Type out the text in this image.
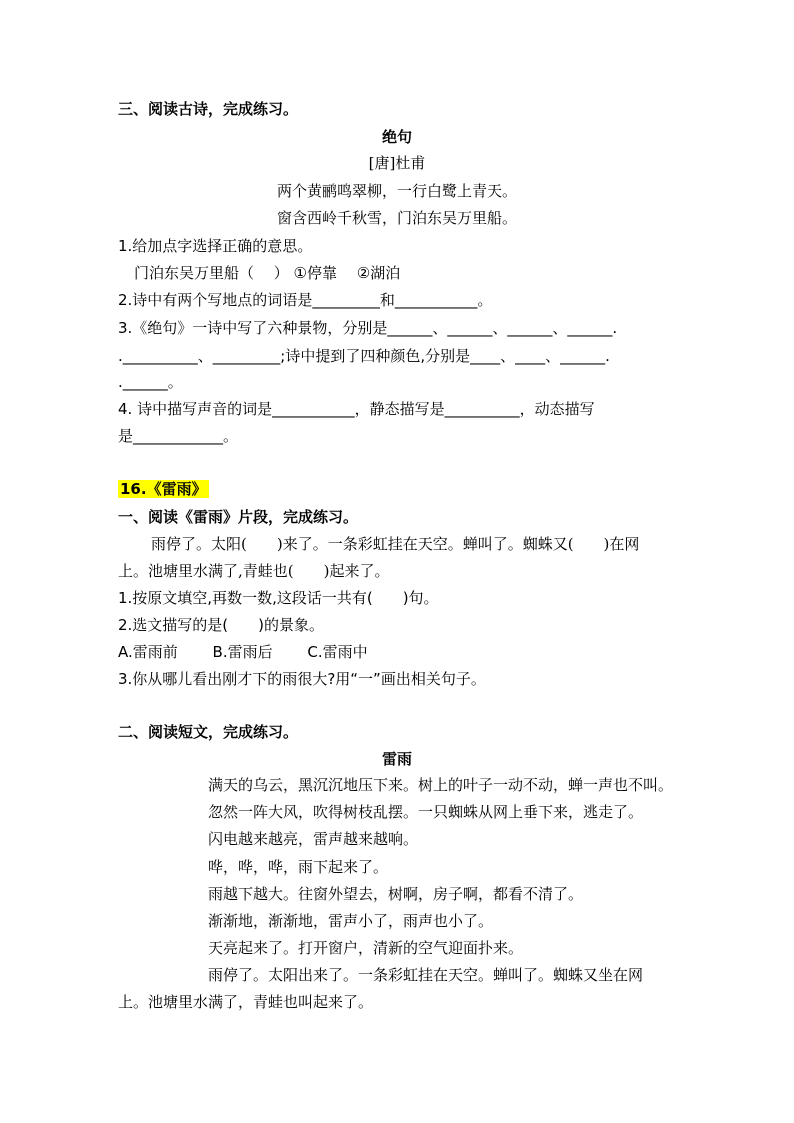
三、阅读古诗，完成练习。
绝句
[唐]杜甫
两个黄鹂鸣翠柳，一行白鹭上青天。
窗含西岭千秋雪，门泊东吴万里船。
1.给加点字选择正确的意思。
门泊东吴万里船（　 ） ①停靠　 ②湖泊
2.诗中有两个写地点的词语是_________和___________。
3.《绝句》一诗中写了六种景物，分别是______、______、______、______.
.__________、_________;诗中提到了四种颜色,分别是____、____、______.
.______。
4. 诗中描写声音的词是___________，静态描写是__________，动态描写
是____________。
16.《雷雨》
一、阅读《雷雨》片段，完成练习。
雨停了。太阳(　　)来了。一条彩虹挂在天空。蝉叫了。蜘蛛又(　　)在网
上。池塘里水满了,青蛙也(　　)起来了。
1.按原文填空,再数一数,这段话一共有(　　)句。
2.选文描写的是(　　)的景象。
A.雷雨前　　 B.雷雨后　　 C.雷雨中
3.你从哪儿看出刚才下的雨很大?用“一”画出相关句子。
二、阅读短文，完成练习。
雷雨
满天的乌云，黑沉沉地压下来。树上的叶子一动不动，蝉一声也不叫。
忽然一阵大风，吹得树枝乱摆。一只蜘蛛从网上垂下来，逃走了。
闪电越来越亮，雷声越来越响。
哗，哗，哗，雨下起来了。
雨越下越大。往窗外望去，树啊，房子啊，都看不清了。
渐渐地，渐渐地，雷声小了，雨声也小了。
天亮起来了。打开窗户，清新的空气迎面扑来。
雨停了。太阳出来了。一条彩虹挂在天空。蝉叫了。蜘蛛又坐在网
上。池塘里水满了，青蛙也叫起来了。
